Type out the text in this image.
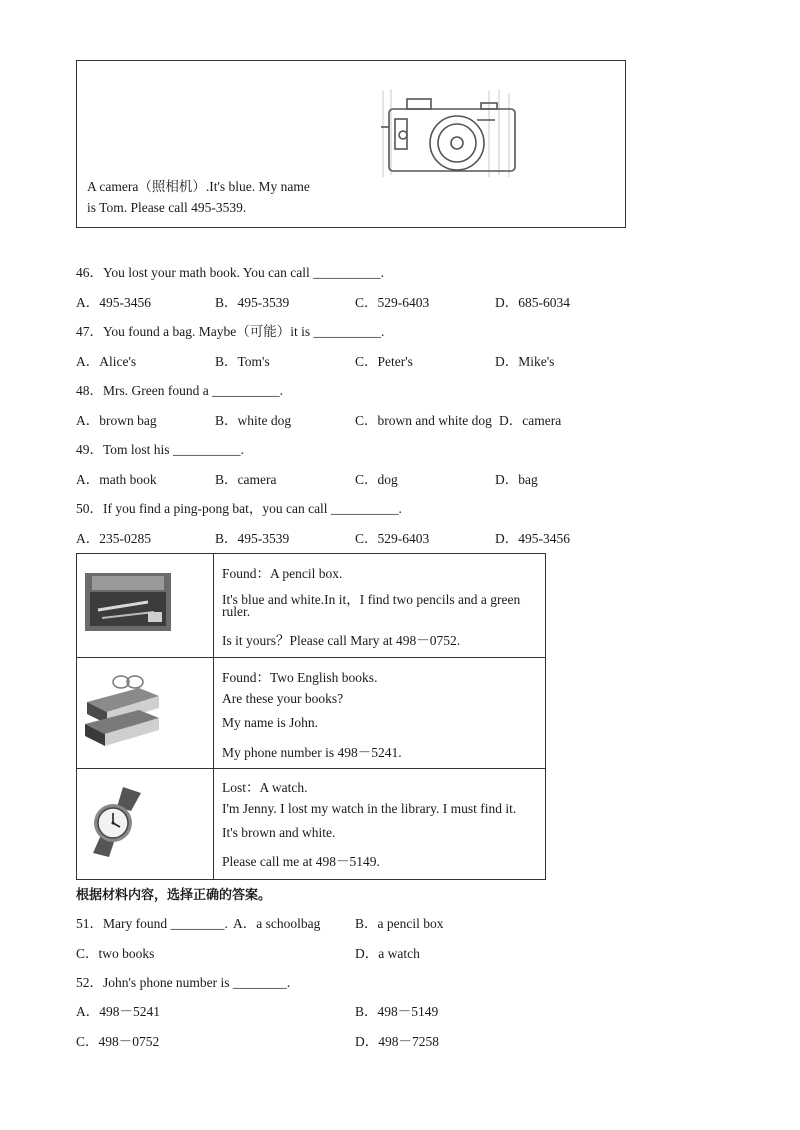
A camera（照相机）.It's blue. My name
is Tom. Please call 495-3539.
46．You lost your math book. You can call __________.
A．495-3456	B．495-3539	C．529-6403	D．685-6034
47．You found a bag. Maybe（可能）it is __________.
A．Alice's	B．Tom's	C．Peter's	D．Mike's
48．Mrs. Green found a __________.
A．brown bag	B．white dog	C．brown and white dog D．camera
49．Tom lost his __________.
A．math book	B．camera	C．dog	D．bag
50．If you find a ping-pong bat，you can call __________.
A．235-0285	B．495-3539	C．529-6403	D．495-3456
Found：A pencil box.
It's blue and white.In it，I find two pencils and a green
ruler.
Is it yours？Please call Mary at 498－0752.
Found：Two English books.
Are these your books?
My name is John.
My phone number is 498－5241.
Lost：A watch.
I'm Jenny. I lost my watch in the library. I must find it.
It's brown and white.
Please call me at 498－5149.
根据材料内容，选择正确的答案。
51．Mary found ________. A．a schoolbag	B．a pencil box
C．two books	D．a watch
52．John's phone number is ________.
A．498－5241	B．498－5149
C．498－0752	D．498－7258
